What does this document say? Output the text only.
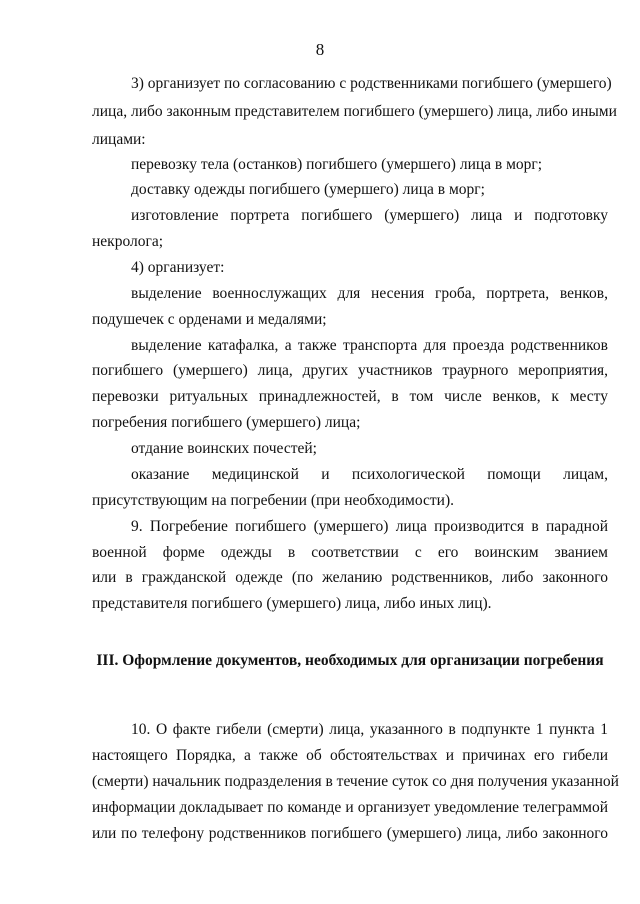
8
3) организует по согласованию с родственниками погибшего (умершего)
лица, либо законным представителем погибшего (умершего) лица, либо иными
лицами:
перевозку тела (останков) погибшего (умершего) лица в морг;
доставку одежды погибшего (умершего) лица в морг;
изготовление портрета погибшего (умершего) лица и подготовку
некролога;
4) организует:
выделение военнослужащих для несения гроба, портрета, венков,
подушечек с орденами и медалями;
выделение катафалка, а также транспорта для проезда родственников
погибшего (умершего) лица, других участников траурного мероприятия,
перевозки ритуальных принадлежностей, в том числе венков, к месту
погребения погибшего (умершего) лица;
отдание воинских почестей;
оказание медицинской и психологической помощи лицам,
присутствующим на погребении (при необходимости).
9. Погребение погибшего (умершего) лица производится в парадной
военной форме одежды в соответствии с его воинским званием
или в гражданской одежде (по желанию родственников, либо законного
представителя погибшего (умершего) лица, либо иных лиц).
III. Оформление документов, необходимых для организации погребения
10. О факте гибели (смерти) лица, указанного в подпункте 1 пункта 1
настоящего Порядка, а также об обстоятельствах и причинах его гибели
(смерти) начальник подразделения в течение суток со дня получения указанной
информации докладывает по команде и организует уведомление телеграммой
или по телефону родственников погибшего (умершего) лица, либо законного
